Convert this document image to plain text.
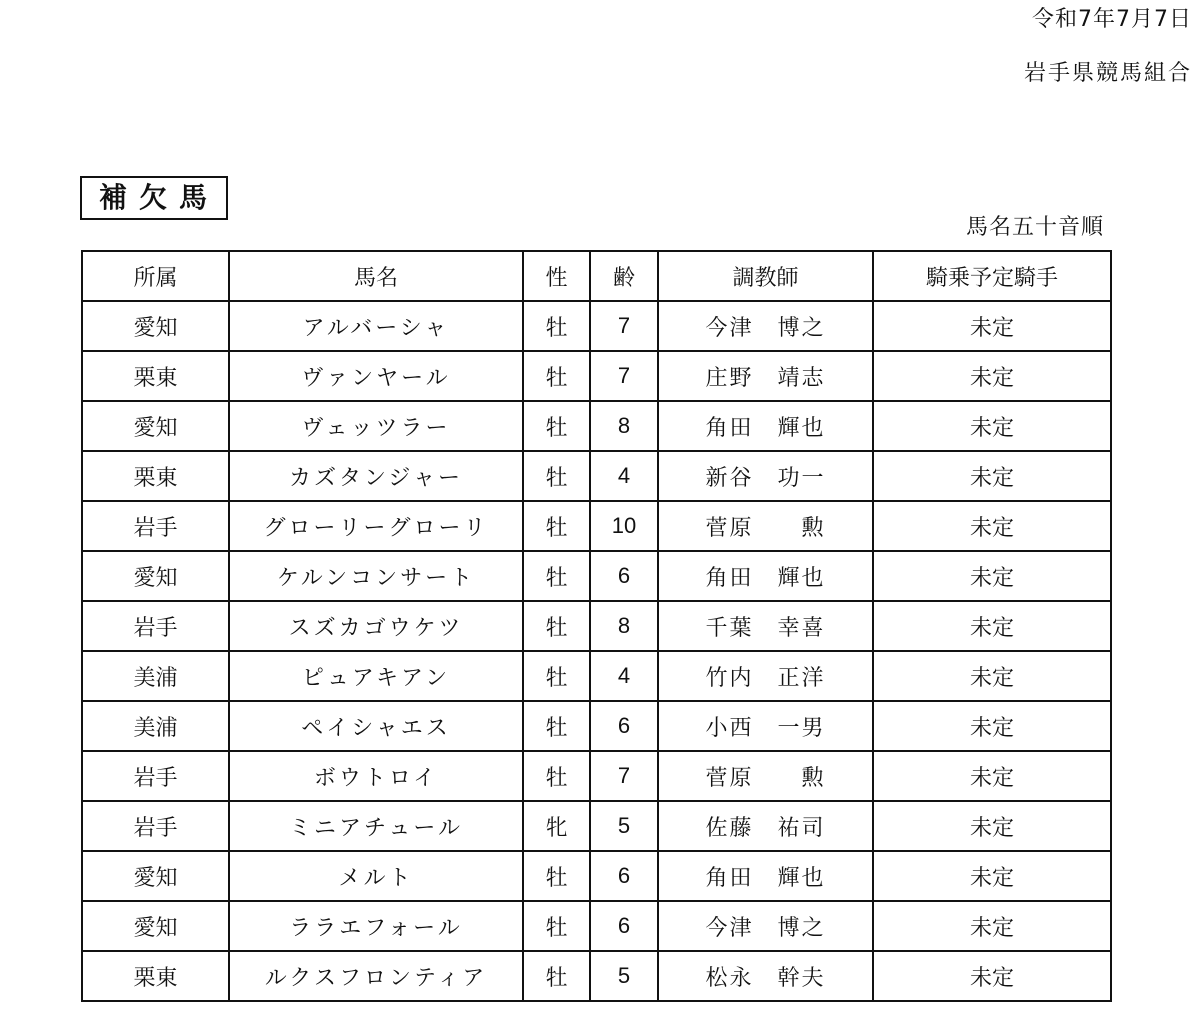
令和7年7月7日
岩手県競馬組合
補欠馬
馬名五十音順
所属	馬名	性	齢	調教師	騎乗予定騎手
愛知	アルバーシャ	牡	7	今津　博之	未定
栗東	ヴァンヤール	牡	7	庄野　靖志	未定
愛知	ヴェッツラー	牡	8	角田　輝也	未定
栗東	カズタンジャー	牡	4	新谷　功一	未定
岩手	グローリーグローリ	牡	10	菅原　　勲	未定
愛知	ケルンコンサート	牡	6	角田　輝也	未定
岩手	スズカゴウケツ	牡	8	千葉　幸喜	未定
美浦	ピュアキアン	牡	4	竹内　正洋	未定
美浦	ペイシャエス	牡	6	小西　一男	未定
岩手	ボウトロイ	牡	7	菅原　　勲	未定
岩手	ミニアチュール	牝	5	佐藤　祐司	未定
愛知	メルト	牡	6	角田　輝也	未定
愛知	ララエフォール	牡	6	今津　博之	未定
栗東	ルクスフロンティア	牡	5	松永　幹夫	未定
